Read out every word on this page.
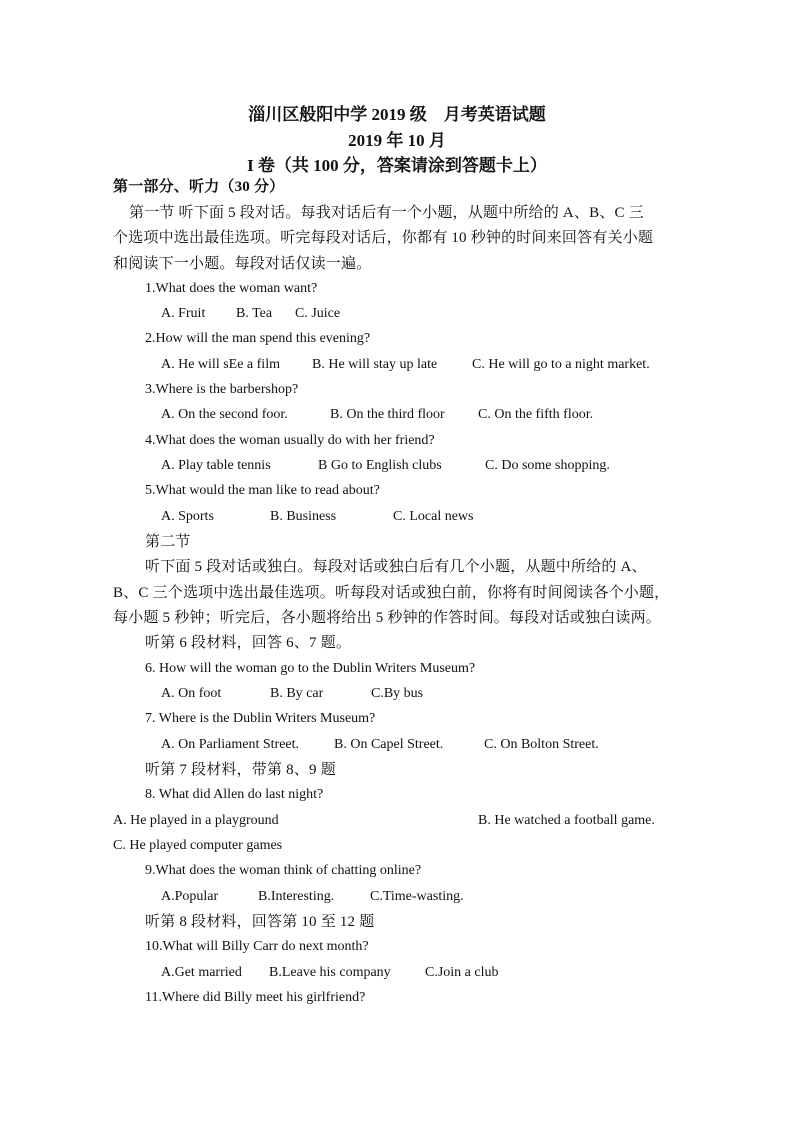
淄川区般阳中学 2019 级　月考英语试题
2019 年 10 月
I 卷（共 100 分，答案请涂到答题卡上）
第一部分、听力（30 分）
第一节 听下面 5 段对话。每我对话后有一个小题，从题中所给的 A、B、C 三
个选项中选出最佳选项。听完每段对话后，你都有 10 秒钟的时间来回答有关小题
和阅读下一小题。每段对话仅读一遍。
1.What does the woman want?
A. Fruit B. Tea C. Juice
2.How will the man spend this evening?
A. He will sEe a film B. He will stay up late C. He will go to a night market.
3.Where is the barbershop?
A. On the second foor.	B. On the third floor C. On the fifth floor.
4.What does the woman usually do with her friend?
A. Play table tennis	B Go to English clubs	C. Do some shopping.
5.What would the man like to read about?
A. Sports	B. Business	C. Local news
第二节
听下面 5 段对话或独白。每段对话或独白后有几个小题，从题中所给的 A、
B、C 三个选项中选出最佳选项。听每段对话或独白前，你将有时间阅读各个小题，
每小题 5 秒钟；听完后，各小题将给出 5 秒钟的作答时间。每段对话或独白读两。
听第 6 段材料，回答 6、7 题。
6. How will the woman go to the Dublin Writers Museum?
A. On foot	B. By car	C.By bus
7. Where is the Dublin Writers Museum?
A. On Parliament Street. B. On Capel Street.	C. On Bolton Street.
听第 7 段材料，带第 8、9 题
8. What did Allen do last night?
A. He played in a playground	B. He watched a football game.
C. He played computer games
9.What does the woman think of chatting online?
A.Popular	B.Interesting.	C.Time-wasting.
听第 8 段材料，回答第 10 至 12 题
10.What will Billy Carr do next month?
A.Get married B.Leave his company C.Join a club
11.Where did Billy meet his girlfriend?
